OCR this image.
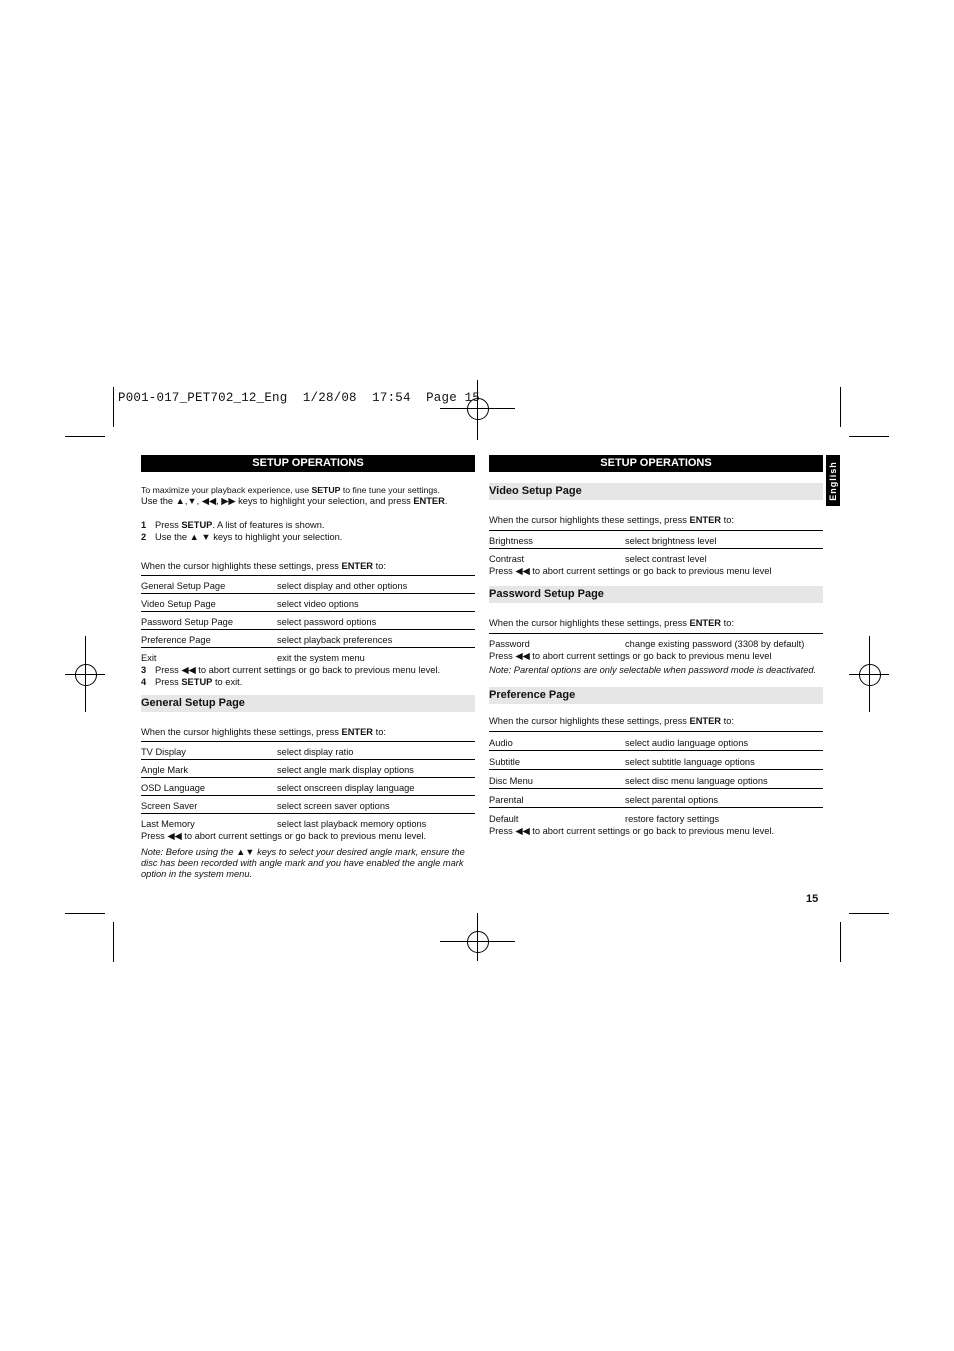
P001-017_PET702_12_Eng 1/28/08 17:54 Page 15
English
15
SETUP OPERATIONS

To maximize your playback experience, use SETUP to fine tune your settings.

Use the ▲,▼, ◀◀, ▶▶ keys to highlight your selection, and press ENTER.

1 Press SETUP. A list of features is shown.
2 Use the ▲ ▼ keys to highlight your selection.

When the cursor highlights these settings, press ENTER to:

General Setup Page	select display and other options
Video Setup Page	select video options
Password Setup Page	select password options
Preference Page	select playback preferences
Exit	exit the system menu
3 Press ◀◀ to abort current settings or go back to previous menu level.
4 Press SETUP to exit.
General Setup Page

When the cursor highlights these settings, press ENTER to:

TV Display	select display ratio
Angle Mark	select angle mark display options
OSD Language	select onscreen display language
Screen Saver	select screen saver options
Last Memory	select last playback memory options

Press ◀◀ to abort current settings or go back to previous menu level.

Note: Before using the ▲▼ keys to select your desired angle mark, ensure the disc has been recorded with angle mark and you have enabled the angle mark option in the system menu.

SETUP OPERATIONS
Video Setup Page

When the cursor highlights these settings, press ENTER to:

Brightness	select brightness level
Contrast	select contrast level

Press ◀◀ to abort current settings or go back to previous menu level

Password Setup Page

When the cursor highlights these settings, press ENTER to:

Password	change existing password (3308 by default)

Press ◀◀ to abort current settings or go back to previous menu level

Note: Parental options are only selectable when password mode is deactivated.

Preference Page

When the cursor highlights these settings, press ENTER to:

Audio	select audio language options
Subtitle	select subtitle language options
Disc Menu	select disc menu language options
Parental	select parental options
Default	restore factory settings

Press ◀◀ to abort current settings or go back to previous menu level.
